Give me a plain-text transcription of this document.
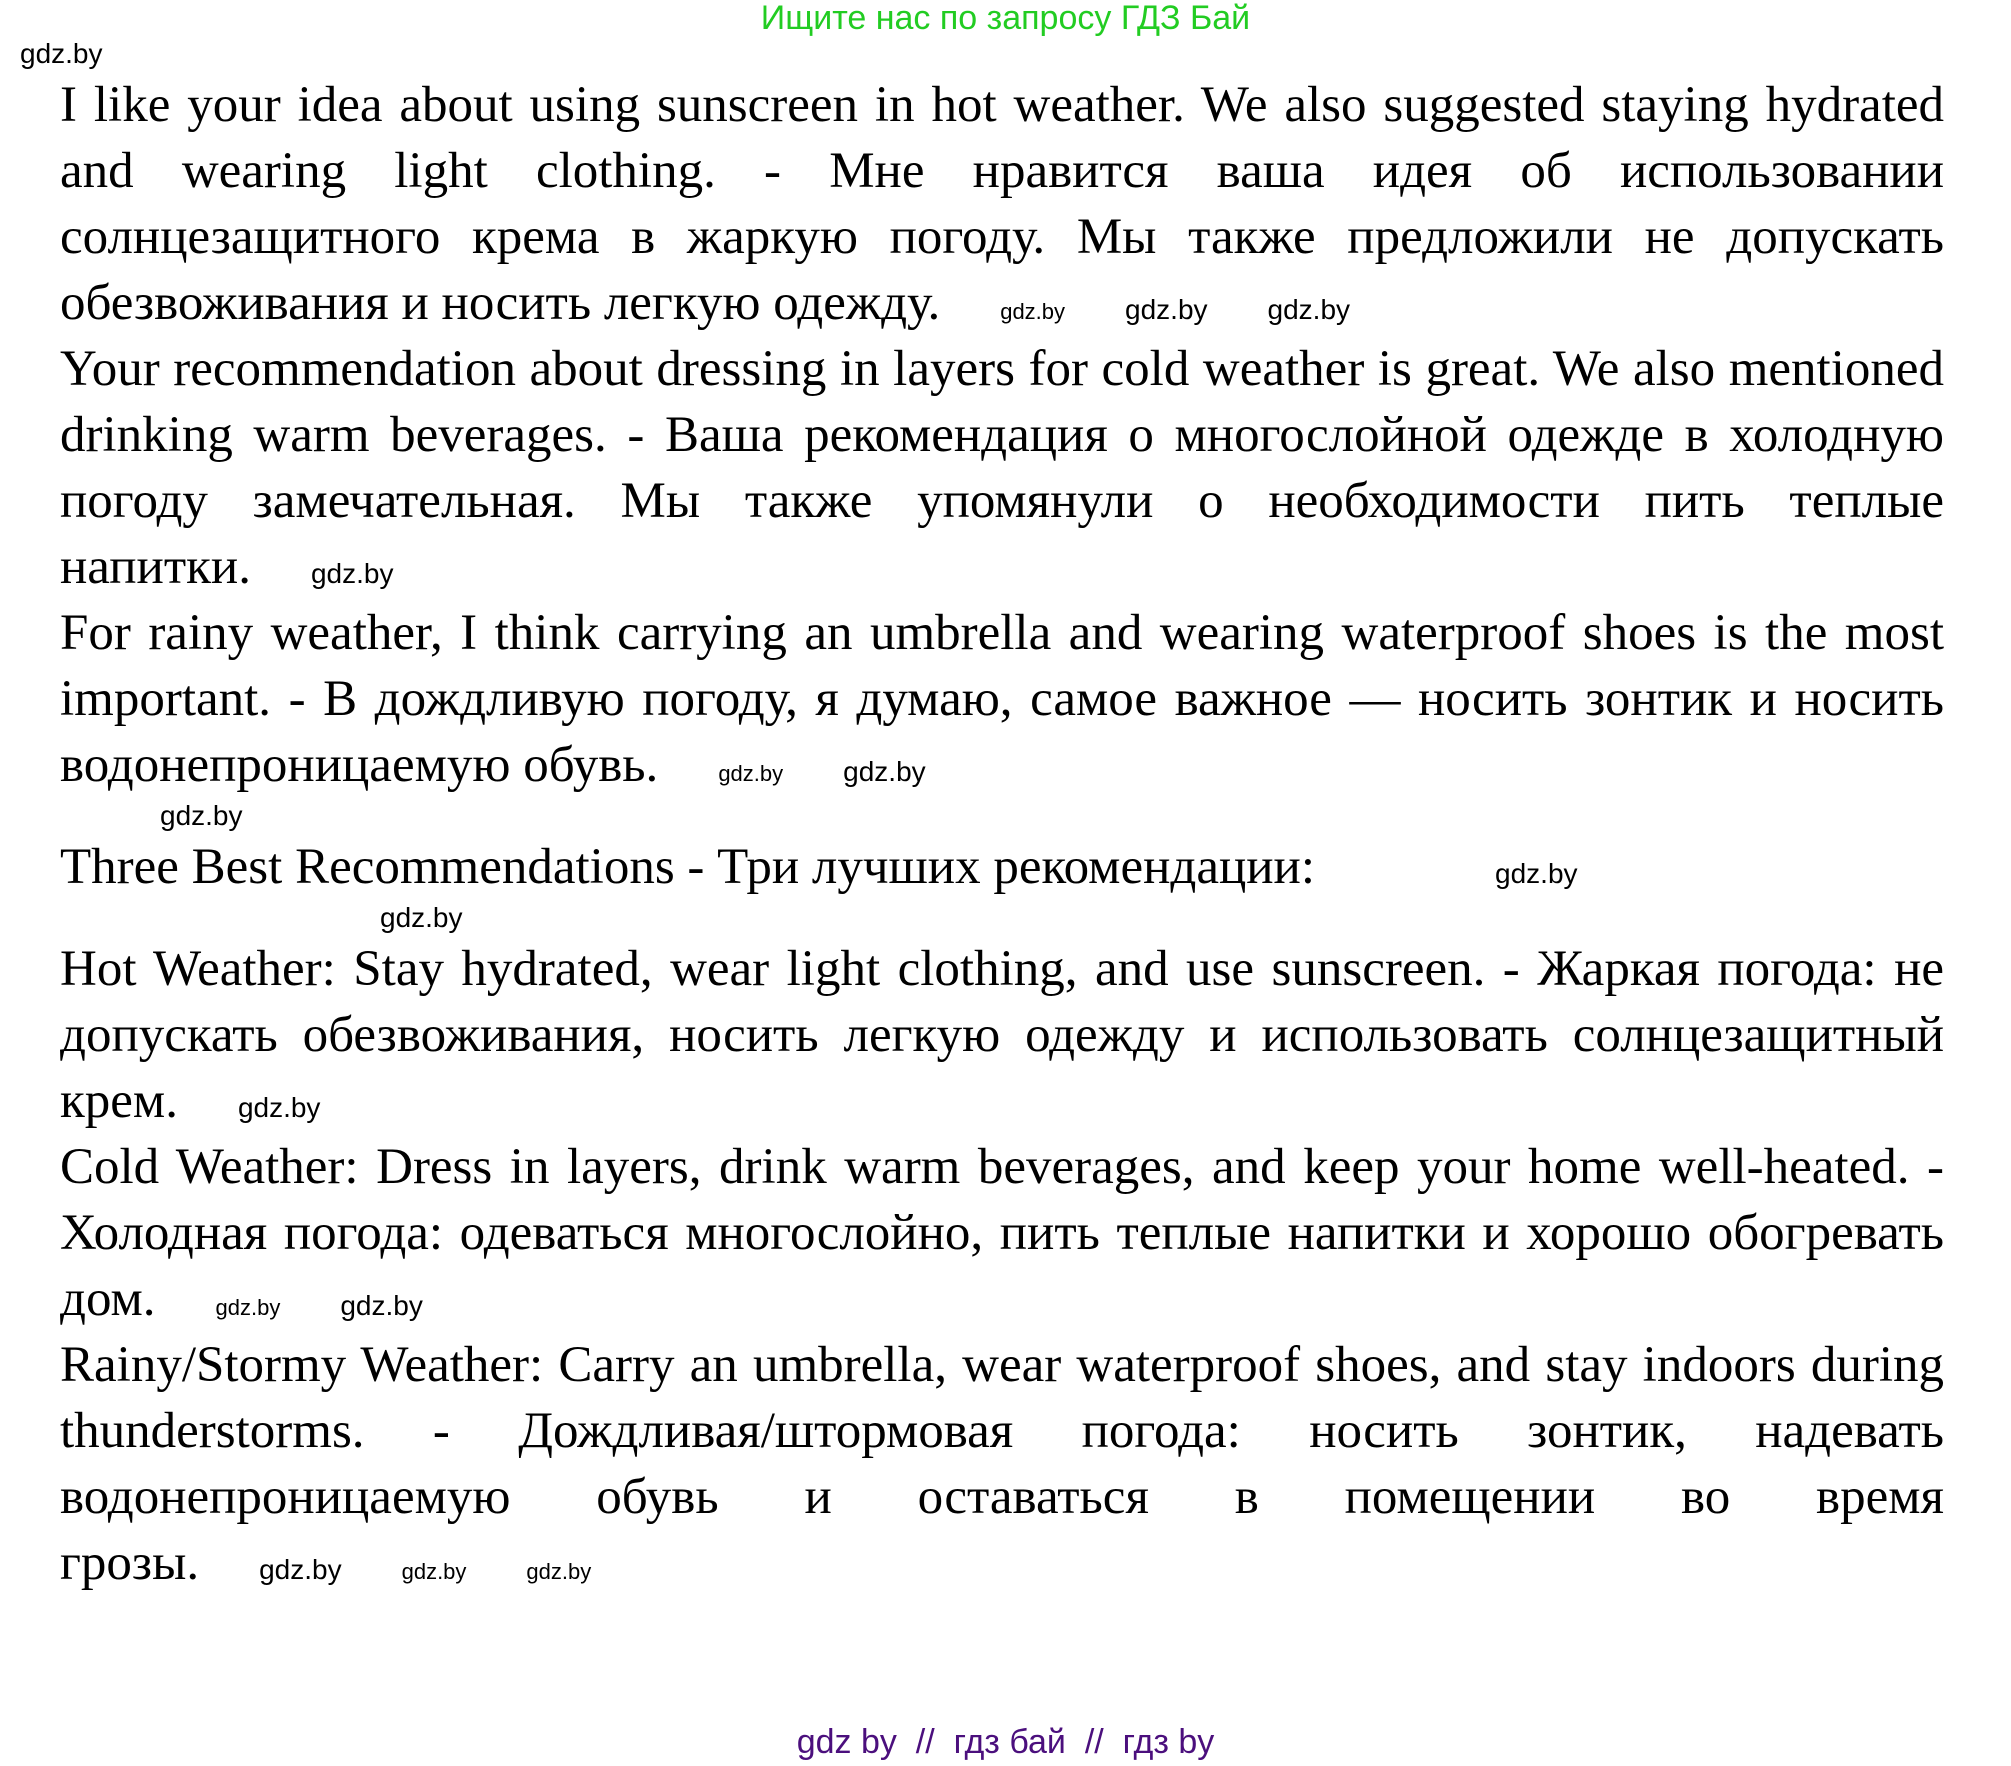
Ищите нас по запросу ГДЗ Бай
gdz.by

I like your idea about using sunscreen in hot weather. We also suggested staying hydrated and wearing light clothing. - Мне нравится ваша идея об использовании солнцезащитного крема в жаркую погоду. Мы также предложили не допускать обезвоживания и носить легкую одежду.	gdz.by gdz.by gdz.by

Your recommendation about dressing in layers for cold weather is great. We also mentioned drinking warm beverages. - Ваша рекомендация о многослойной одежде в холодную погоду замечательная. Мы также упомянули о необходимости пить теплые напитки. gdz.by

For rainy weather, I think carrying an umbrella and wearing waterproof shoes is the most important. - В дождливую погоду, я думаю, самое важное — носить зонтик и носить водонепроницаемую обувь.	gdz.by gdz.by

gdz.by

Three Best Recommendations - Три лучших рекомендации:	gdz.by

gdz.by

Hot Weather: Stay hydrated, wear light clothing, and use sunscreen. - Жаркая погода: не допускать обезвоживания, носить легкую одежду и использовать солнцезащитный крем. gdz.by

Cold Weather: Dress in layers, drink warm beverages, and keep your home well-heated. - Холодная погода: одеваться многослойно, пить теплые напитки и хорошо обогревать дом.	gdz.by gdz.by

Rainy/Stormy Weather: Carry an umbrella, wear waterproof shoes, and stay indoors during thunderstorms. - Дождливая/штормовая погода: носить зонтик, надевать водонепроницаемую обувь и оставаться в помещении во время грозы. gdz.by	gdz.by	gdz.by

gdz by  //  гдз бай  //  гдз by
